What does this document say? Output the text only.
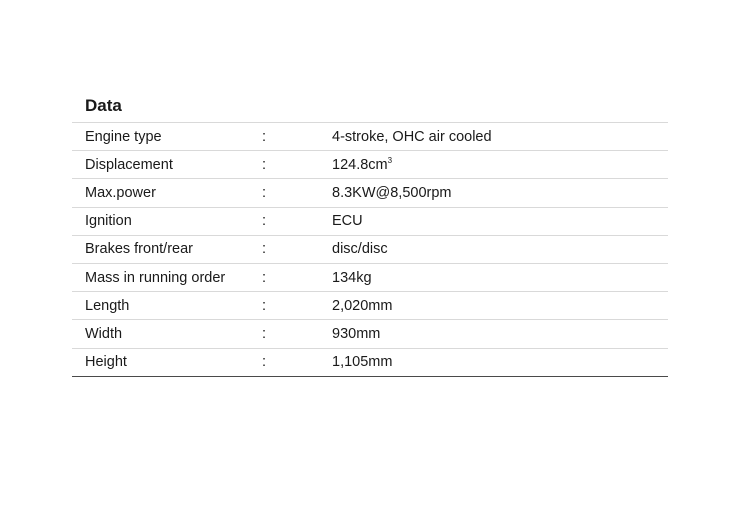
Data
Engine type	:	4-stroke, OHC air cooled
Displacement	:	$124.8cm^3$
Max.power	:	8.3KW@8,500rpm
Ignition	:	ECU
Brakes front/rear	:	disc/disc
Mass in running order	:	134kg
Length	:	2,020mm
Width	:	930mm
Height	:	1,105mm
